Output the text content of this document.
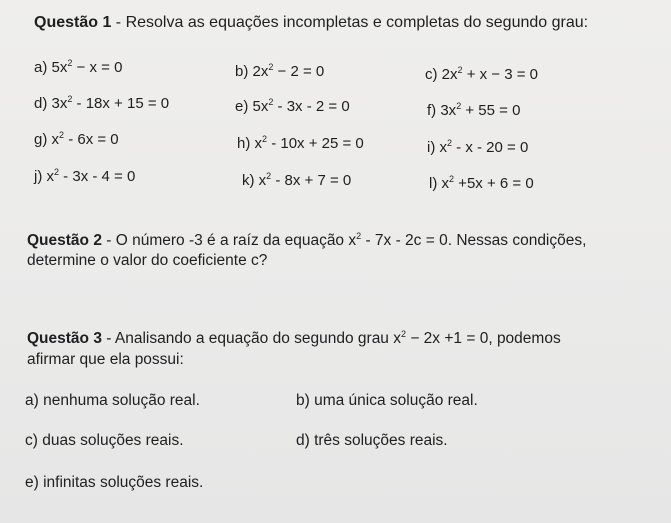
Questão 1 - Resolva as equações incompletas e completas do segundo grau:
a) $5x^2 - x = 0$	b) $2x^2 - 2 = 0$	c) $2x^2 + x - 3 = 0$
d) $3x^2 - 18x + 15 = 0$	e) $5x^2 - 3x - 2 = 0$	f) $3x^2 + 55 = 0$
g) $x^2 - 6x = 0$	h) $x^2 - 10x + 25 = 0$	i) $x^2 - x - 20 = 0$
j) $x^2 - 3x - 4 = 0$	k) $x^2 - 8x + 7 = 0$	l) $x^2 +5x + 6 = 0$
Questão 2 - O número -3 é a raíz da equação $x^2 - 7x - 2c = 0$. Nessas condições,
determine o valor do coeficiente c?
Questão 3 - Analisando a equação do segundo grau $x^2 - 2x +1 = 0$, podemos
afirmar que ela possui:
a) nenhuma solução real.	b) uma única solução real.
c) duas soluções reais.	d) três soluções reais.
e) infinitas soluções reais.
